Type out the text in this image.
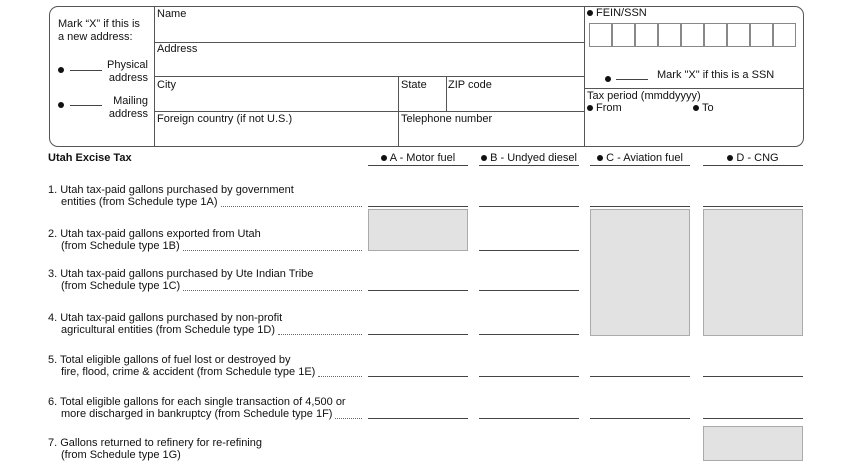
Mark “X” if this is
a new address:
Physical
address
Mailing
address
Name
Address
City	State ZIP code
Foreign country (if not U.S.)	Telephone number
FEIN/SSN
Mark "X" if this is a SSN
Tax period (mmddyyyy)
From	To
Utah Excise Tax	A - Motor fuel	B - Undyed diesel	C - Aviation fuel	D - CNG
1. Utah tax-paid gallons purchased by government
entities (from Schedule type 1A)
2. Utah tax-paid gallons exported from Utah
(from Schedule type 1B)
3. Utah tax-paid gallons purchased by Ute Indian Tribe
(from Schedule type 1C)
4. Utah tax-paid gallons purchased by non-profit
agricultural entities (from Schedule type 1D)
5. Total eligible gallons of fuel lost or destroyed by
fire, flood, crime & accident (from Schedule type 1E)
6. Total eligible gallons for each single transaction of 4,500 or
more discharged in bankruptcy (from Schedule type 1F)
7. Gallons returned to refinery for re-refining
(from Schedule type 1G)
